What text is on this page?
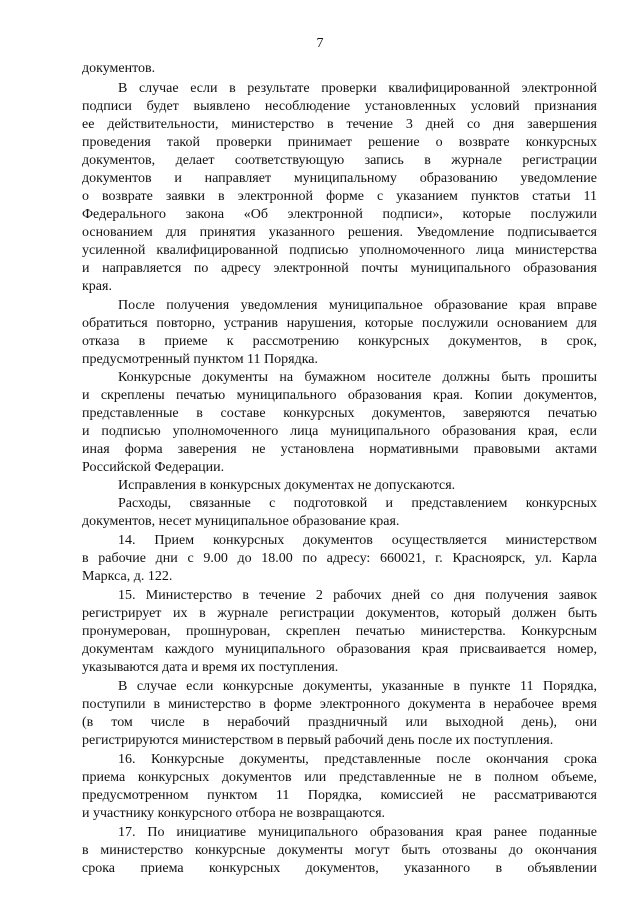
7
документов.
В случае если в результате проверки квалифицированной электронной
подписи будет выявлено несоблюдение установленных условий признания
ее действительности, министерство в течение 3 дней со дня завершения
проведения такой проверки принимает решение о возврате конкурсных
документов, делает соответствующую запись в журнале регистрации
документов и направляет муниципальному образованию уведомление
о возврате заявки в электронной форме с указанием пунктов статьи 11
Федерального закона «Об электронной подписи», которые послужили
основанием для принятия указанного решения. Уведомление подписывается
усиленной квалифицированной подписью уполномоченного лица министерства
и направляется по адресу электронной почты муниципального образования
края.
После получения уведомления муниципальное образование края вправе
обратиться повторно, устранив нарушения, которые послужили основанием для
отказа в приеме к рассмотрению конкурсных документов, в срок,
предусмотренный пунктом 11 Порядка.
Конкурсные документы на бумажном носителе должны быть прошиты
и скреплены печатью муниципального образования края. Копии документов,
представленные в составе конкурсных документов, заверяются печатью
и подписью уполномоченного лица муниципального образования края, если
иная форма заверения не установлена нормативными правовыми актами
Российской Федерации.
Исправления в конкурсных документах не допускаются.
Расходы, связанные с подготовкой и представлением конкурсных
документов, несет муниципальное образование края.
14. Прием конкурсных документов осуществляется министерством
в рабочие дни с 9.00 до 18.00 по адресу: 660021, г. Красноярск, ул. Карла
Маркса, д. 122.
15. Министерство в течение 2 рабочих дней со дня получения заявок
регистрирует их в журнале регистрации документов, который должен быть
пронумерован, прошнурован, скреплен печатью министерства. Конкурсным
документам каждого муниципального образования края присваивается номер,
указываются дата и время их поступления.
В случае если конкурсные документы, указанные в пункте 11 Порядка,
поступили в министерство в форме электронного документа в нерабочее время
(в том числе в нерабочий праздничный или выходной день), они
регистрируются министерством в первый рабочий день после их поступления.
16. Конкурсные документы, представленные после окончания срока
приема конкурсных документов или представленные не в полном объеме,
предусмотренном пунктом 11 Порядка, комиссией не рассматриваются
и участнику конкурсного отбора не возвращаются.
17. По инициативе муниципального образования края ранее поданные
в министерство конкурсные документы могут быть отозваны до окончания
срока приема конкурсных документов, указанного в объявлении
